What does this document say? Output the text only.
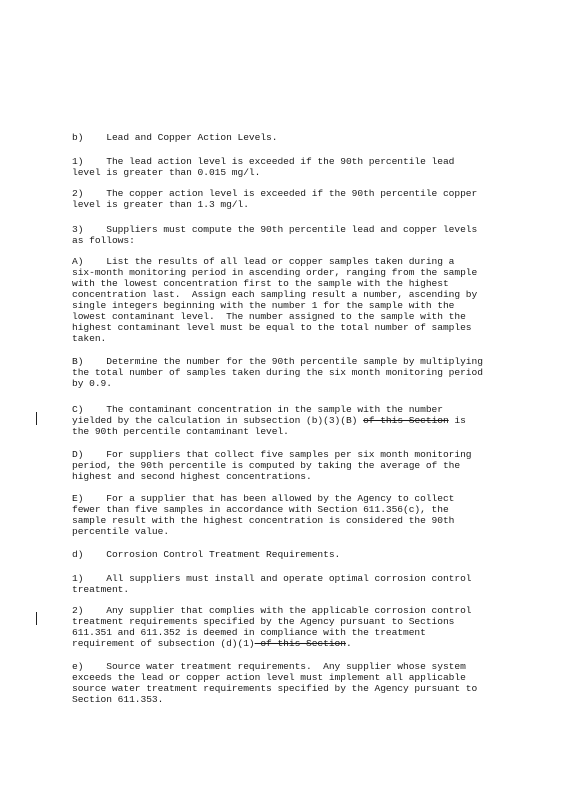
b)    Lead and Copper Action Levels.
1)    The lead action level is exceeded if the 90th percentile lead
level is greater than 0.015 mg/l.
2)    The copper action level is exceeded if the 90th percentile copper
level is greater than 1.3 mg/l.
3)    Suppliers must compute the 90th percentile lead and copper levels
as follows:
A)    List the results of all lead or copper samples taken during a
six-month monitoring period in ascending order, ranging from the sample
with the lowest concentration first to the sample with the highest
concentration last.  Assign each sampling result a number, ascending by
single integers beginning with the number 1 for the sample with the
lowest contaminant level.  The number assigned to the sample with the
highest contaminant level must be equal to the total number of samples
taken.
B)    Determine the number for the 90th percentile sample by multiplying
the total number of samples taken during the six month monitoring period
by 0.9.
C)    The contaminant concentration in the sample with the number
yielded by the calculation in subsection (b)(3)(B) of this Section is
the 90th percentile contaminant level.
D)    For suppliers that collect five samples per six month monitoring
period, the 90th percentile is computed by taking the average of the
highest and second highest concentrations.
E)    For a supplier that has been allowed by the Agency to collect
fewer than five samples in accordance with Section 611.356(c), the
sample result with the highest concentration is considered the 90th
percentile value.
d)    Corrosion Control Treatment Requirements.
1)    All suppliers must install and operate optimal corrosion control
treatment.
2)    Any supplier that complies with the applicable corrosion control
treatment requirements specified by the Agency pursuant to Sections
611.351 and 611.352 is deemed in compliance with the treatment
requirement of subsection (d)(1) of this Section.
e)    Source water treatment requirements.  Any supplier whose system
exceeds the lead or copper action level must implement all applicable
source water treatment requirements specified by the Agency pursuant to
Section 611.353.
